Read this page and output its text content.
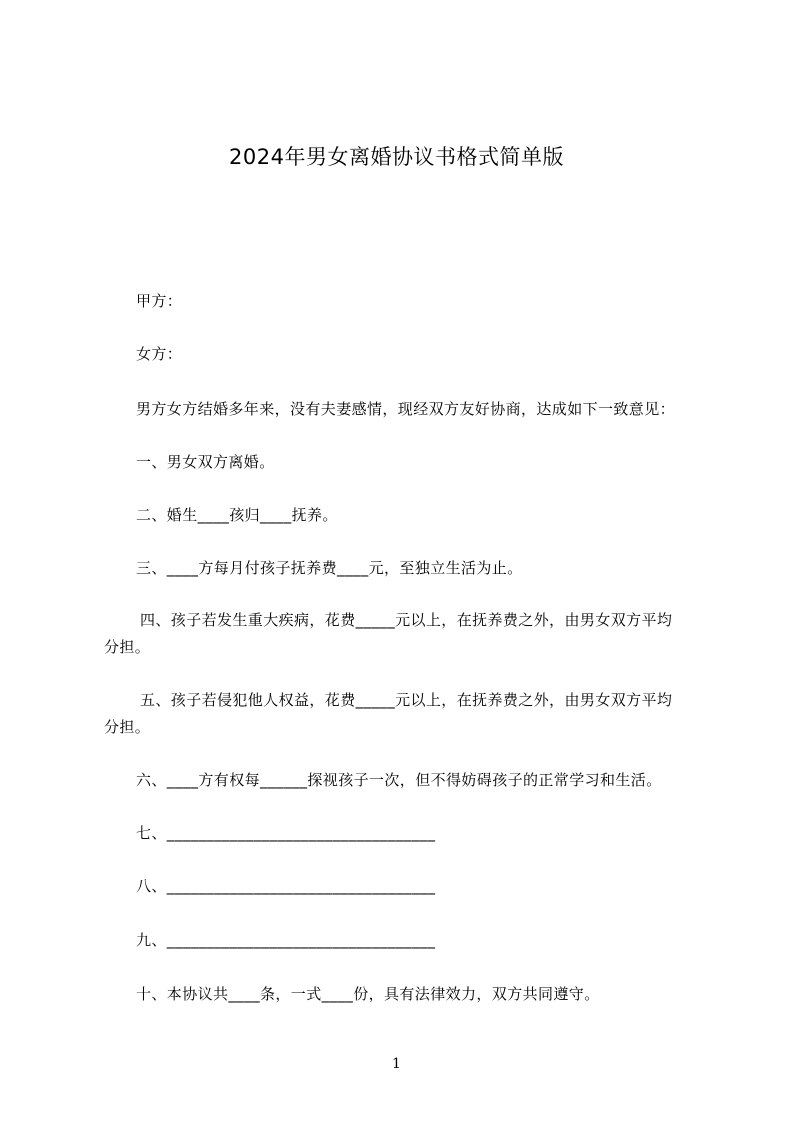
2024年男女离婚协议书格式简单版
甲方：
女方：
男方女方结婚多年来，没有夫妻感情，现经双方友好协商，达成如下一致意见：
一、男女双方离婚。
二、婚生____孩归____抚养。
三、____方每月付孩子抚养费____元，至独立生活为止。
四、孩子若发生重大疾病，花费_____元以上，在抚养费之外，由男女双方平均
分担。
五、孩子若侵犯他人权益，花费_____元以上，在抚养费之外，由男女双方平均
分担。
六、____方有权每______探视孩子一次，但不得妨碍孩子的正常学习和生活。
七、__________________________________
八、__________________________________
九、__________________________________
十、本协议共____条，一式____份，具有法律效力，双方共同遵守。
1
